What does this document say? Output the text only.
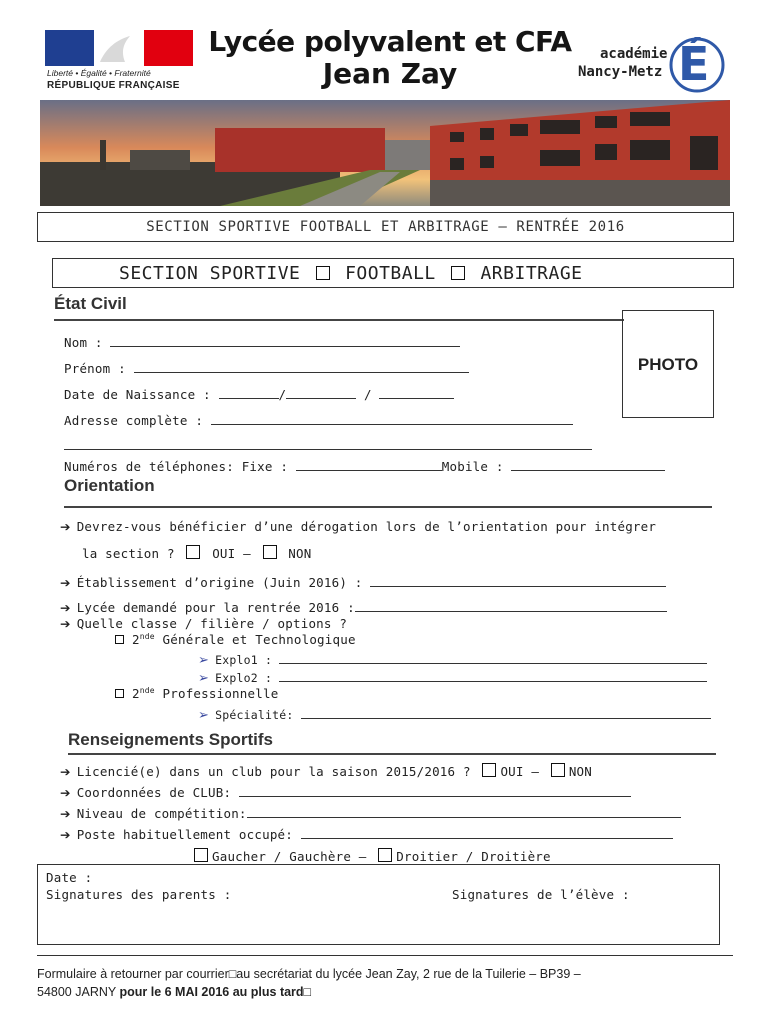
Liberté • Égalité • Fraternité
RÉPUBLIQUE FRANÇAISE
Lycée polyvalent et CFA
Jean Zay
académie
Nancy-Metz É
SECTION SPORTIVE FOOTBALL ET ARBITRAGE – RENTRÉE 2016
SECTION SPORTIVE FOOTBALL ARBITRAGE
État Civil
PHOTO
Nom :
Prénom :
Date de Naissance :	/	/
Adresse complète :
Numéros de téléphones: Fixe :	Mobile :
Orientation
➔ Devrez-vous bénéficier d’une dérogation lors de l’orientation pour intégrer
la section ?	OUI –	NON
➔ Établissement d’origine (Juin 2016) :
➔ Lycée demandé pour la rentrée 2016 :
➔ Quelle classe / filière / options ?
2nde Générale et Technologique
➢ Explo1 :
➢ Explo2 :
2nde Professionnelle
➢ Spécialité:
Renseignements Sportifs
➔ Licencié(e) dans un club pour la saison 2015/2016 ? OUI – NON
➔ Coordonnées de CLUB:
➔ Niveau de compétition:
➔ Poste habituellement occupé:
Gaucher / Gauchère – Droitier / Droitière
Date :
Signatures des parents :	Signatures de l’élève :
Formulaire à retourner par courrier□au secrétariat du lycée Jean Zay, 2 rue de la Tuilerie – BP39 –
54800 JARNY pour le 6 MAI 2016 au plus tard□
